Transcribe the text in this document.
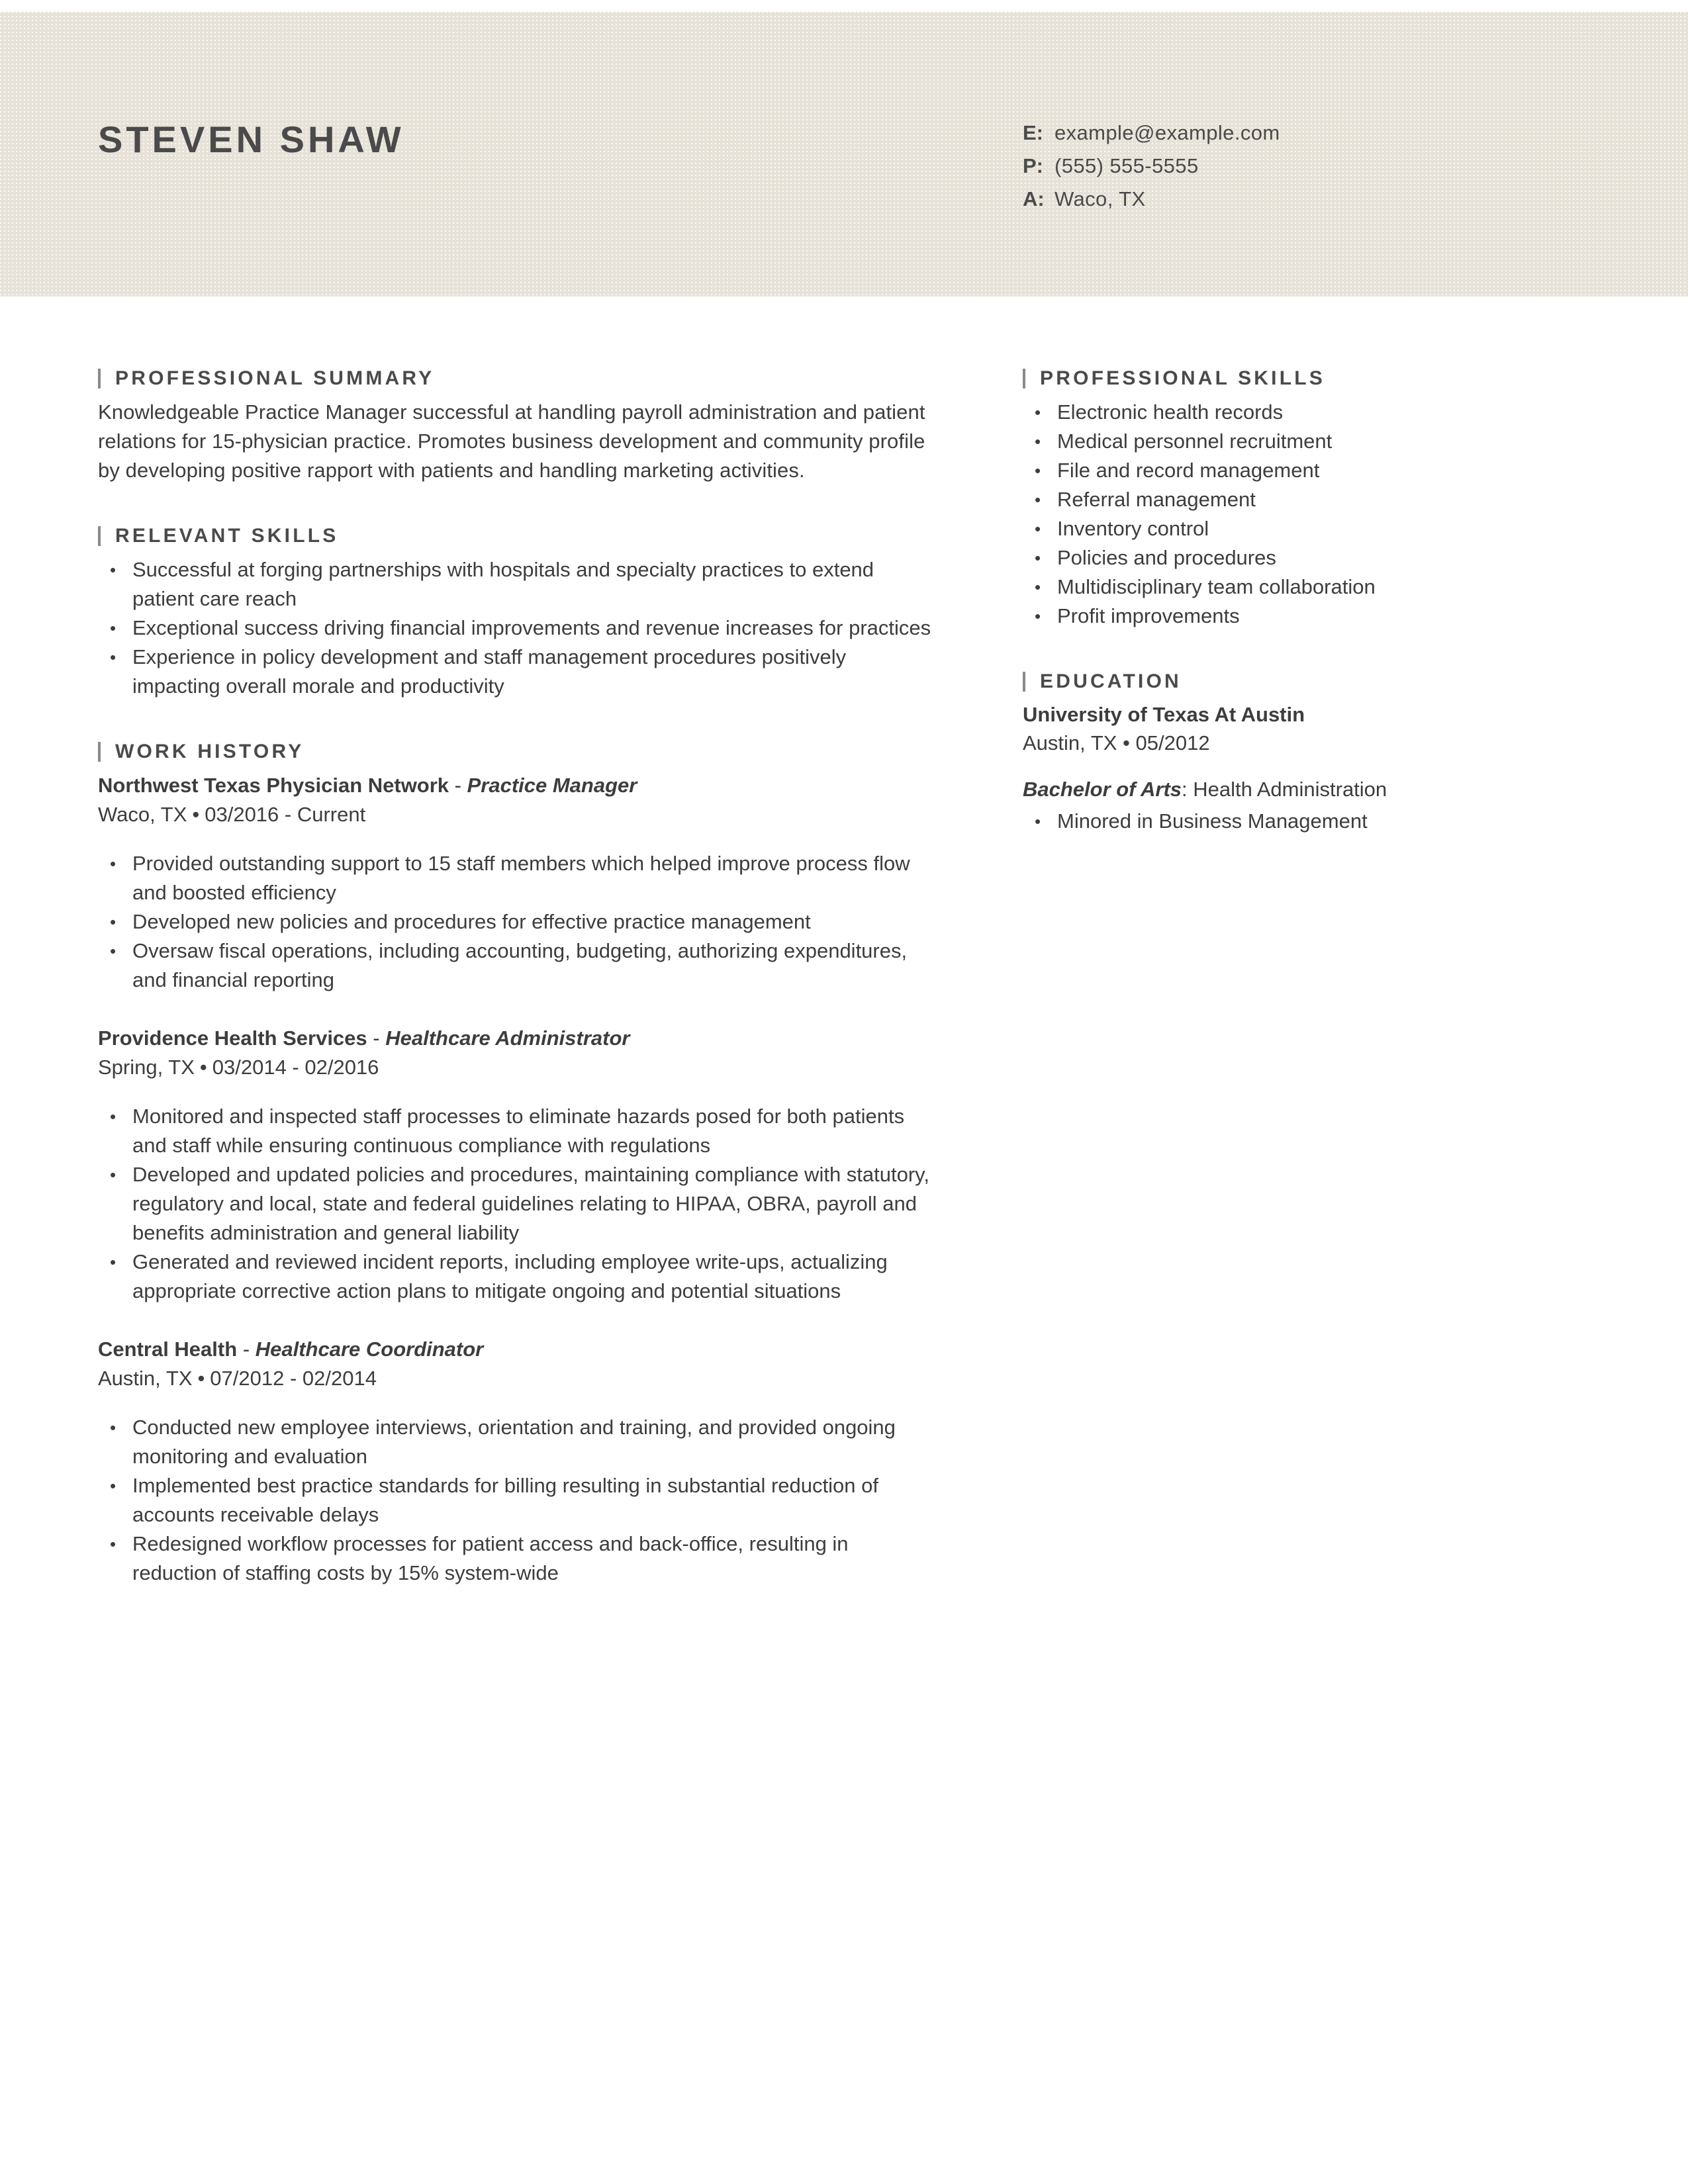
STEVEN SHAW	E: example@example.com
P: (555) 555-5555
A: Waco, TX
PROFESSIONAL SUMMARY

Knowledgeable Practice Manager successful at handling payroll administration and patient relations for 15-physician practice. Promotes business development and community profile by developing positive rapport with patients and handling marketing activities.

RELEVANT SKILLS
• Successful at forging partnerships with hospitals and specialty practices to extend patient care reach
• Exceptional success driving financial improvements and revenue increases for practices
• Experience in policy development and staff management procedures positively impacting overall morale and productivity
WORK HISTORY
Northwest Texas Physician Network - Practice Manager
Waco, TX • 03/2016 - Current
• Provided outstanding support to 15 staff members which helped improve process flow and boosted efficiency
• Developed new policies and procedures for effective practice management
• Oversaw fiscal operations, including accounting, budgeting, authorizing expenditures, and financial reporting
Providence Health Services - Healthcare Administrator
Spring, TX • 03/2014 - 02/2016
• Monitored and inspected staff processes to eliminate hazards posed for both patients and staff while ensuring continuous compliance with regulations
• Developed and updated policies and procedures, maintaining compliance with statutory, regulatory and local, state and federal guidelines relating to HIPAA, OBRA, payroll and benefits administration and general liability
• Generated and reviewed incident reports, including employee write-ups, actualizing appropriate corrective action plans to mitigate ongoing and potential situations
Central Health - Healthcare Coordinator
Austin, TX • 07/2012 - 02/2014
• Conducted new employee interviews, orientation and training, and provided ongoing monitoring and evaluation
• Implemented best practice standards for billing resulting in substantial reduction of accounts receivable delays
• Redesigned workflow processes for patient access and back-office, resulting in reduction of staffing costs by 15% system-wide
PROFESSIONAL SKILLS
• Electronic health records
• Medical personnel recruitment
• File and record management
• Referral management
• Inventory control
• Policies and procedures
• Multidisciplinary team collaboration
• Profit improvements
EDUCATION
University of Texas At Austin
Austin, TX • 05/2012
Bachelor of Arts: Health Administration
• Minored in Business Management
